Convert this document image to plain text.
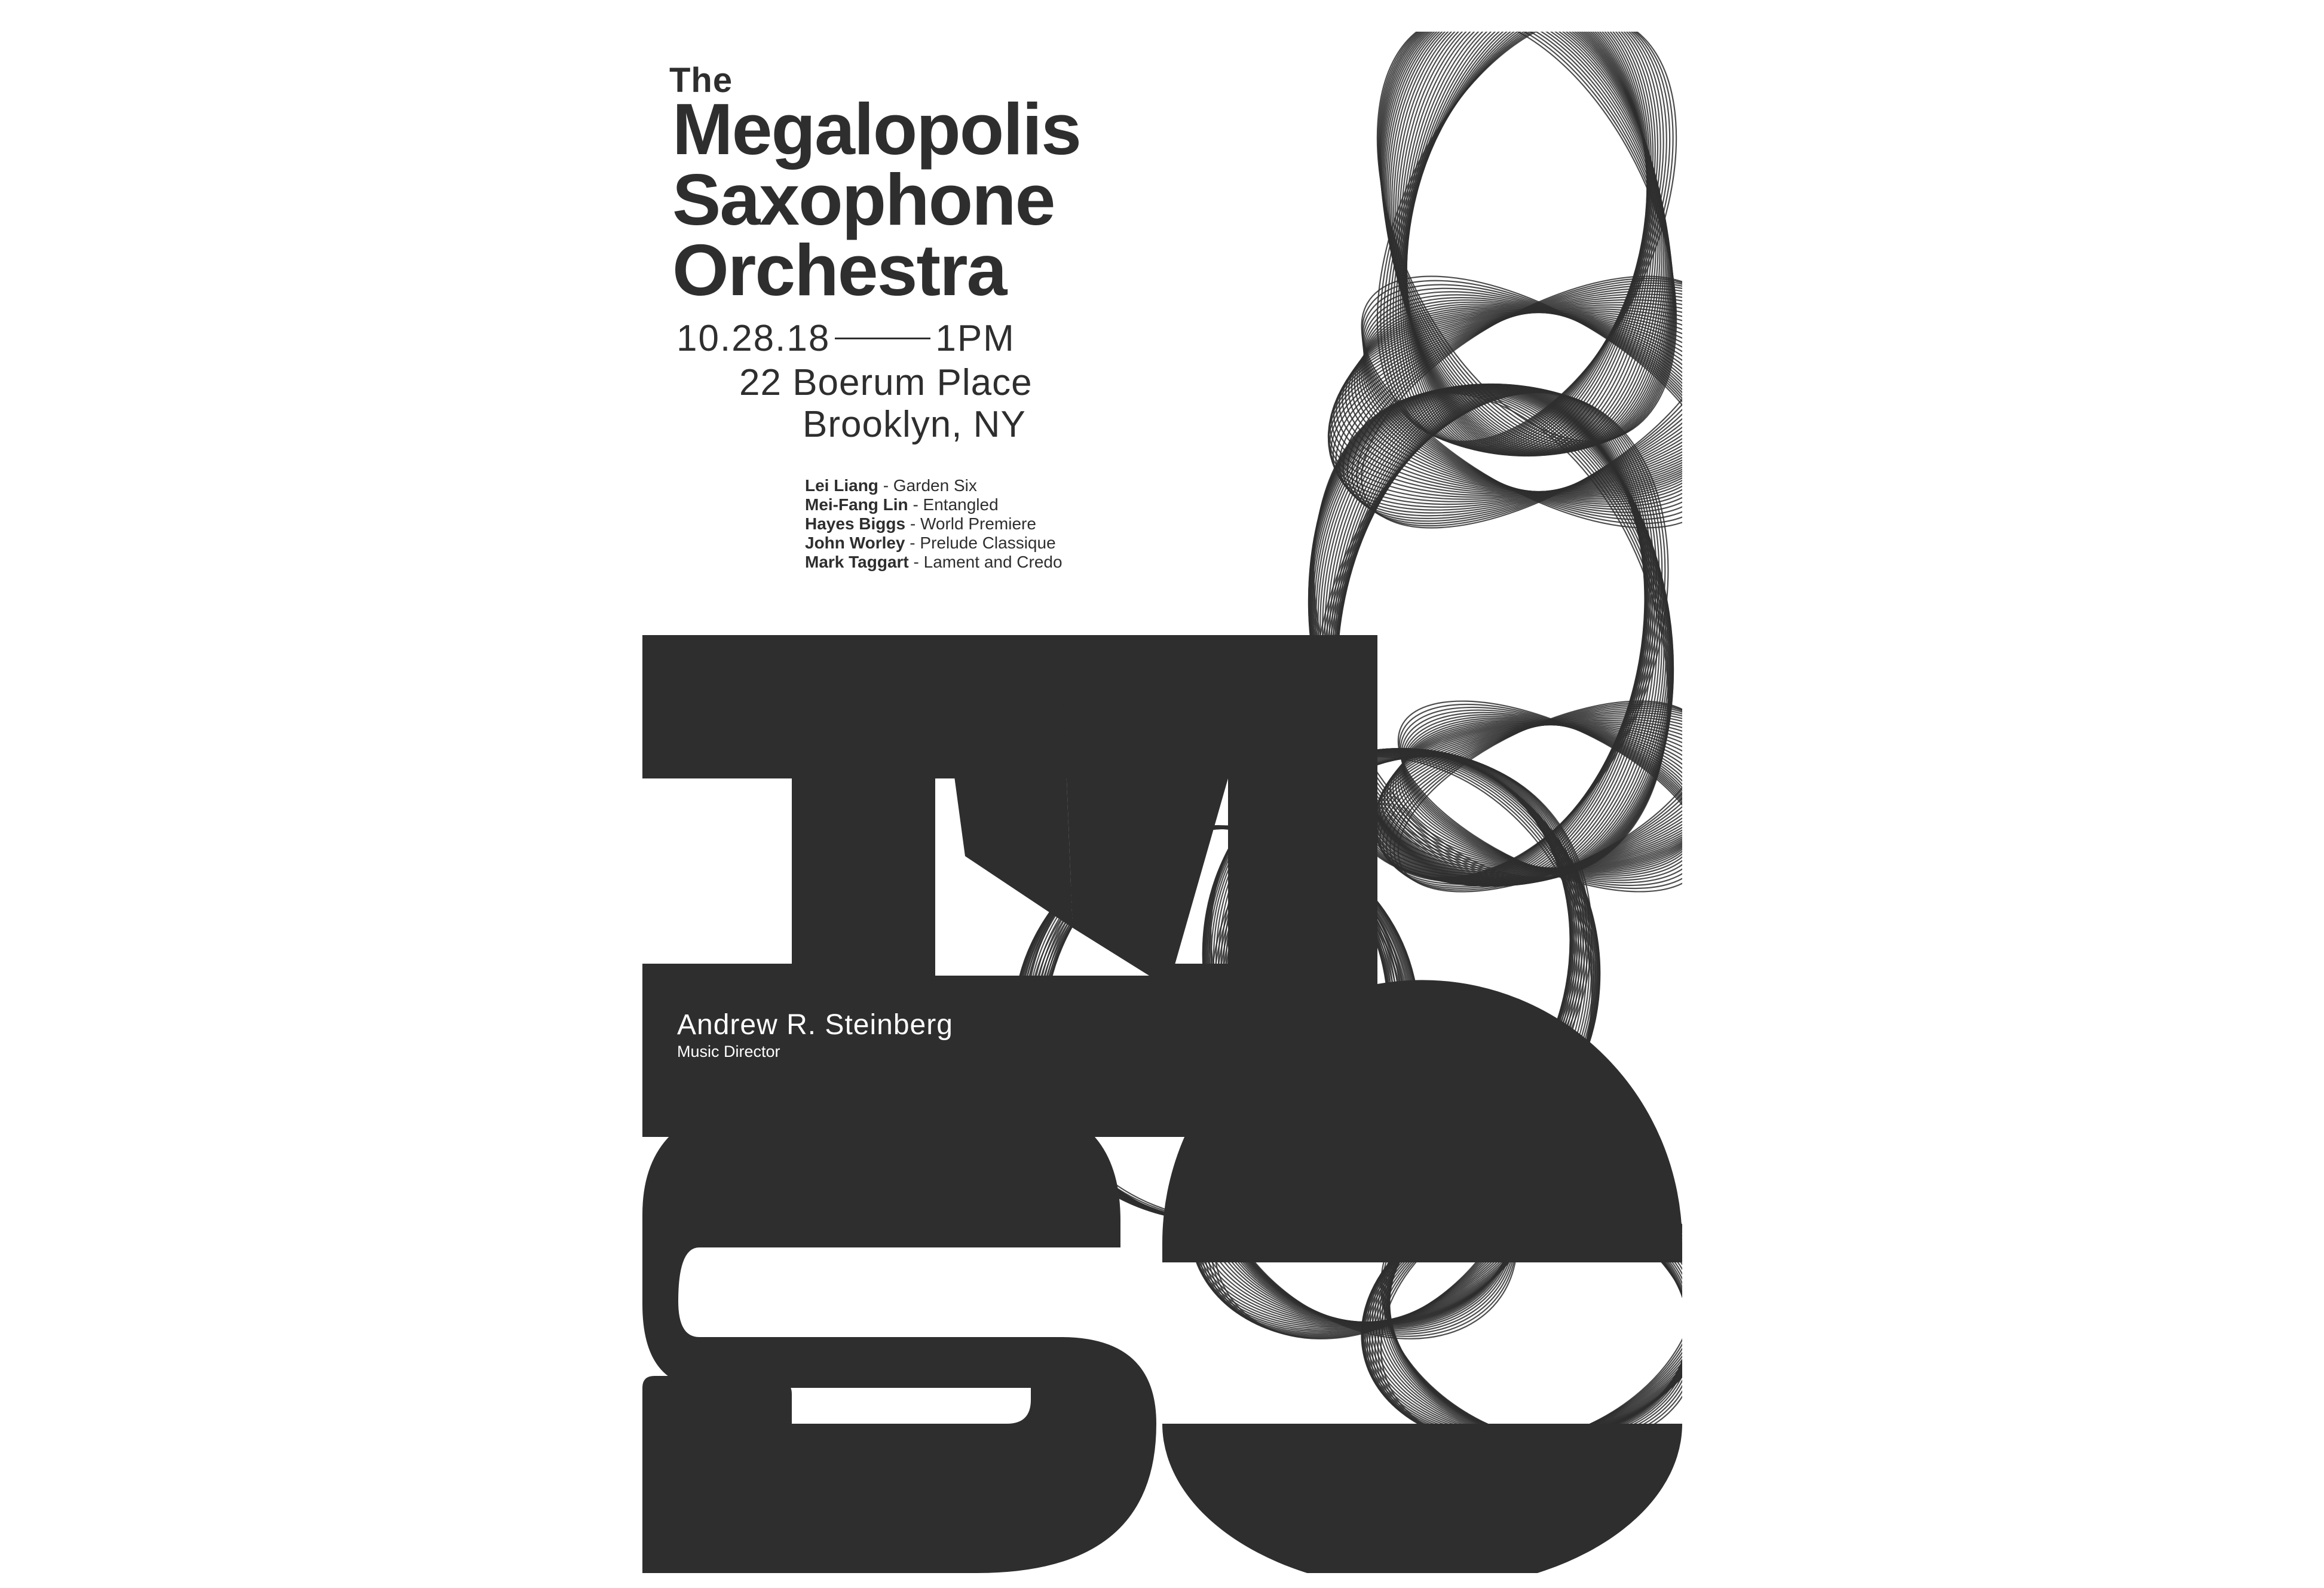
The
Megalopolis
Saxophone
Orchestra
10.28.18	1PM
22 Boerum Place
Brooklyn, NY
Lei Liang - Garden Six
Mei-Fang Lin - Entangled
Hayes Biggs - World Premiere
John Worley - Prelude Classique
Mark Taggart - Lament and Credo
Andrew R. Steinberg
Music Director
